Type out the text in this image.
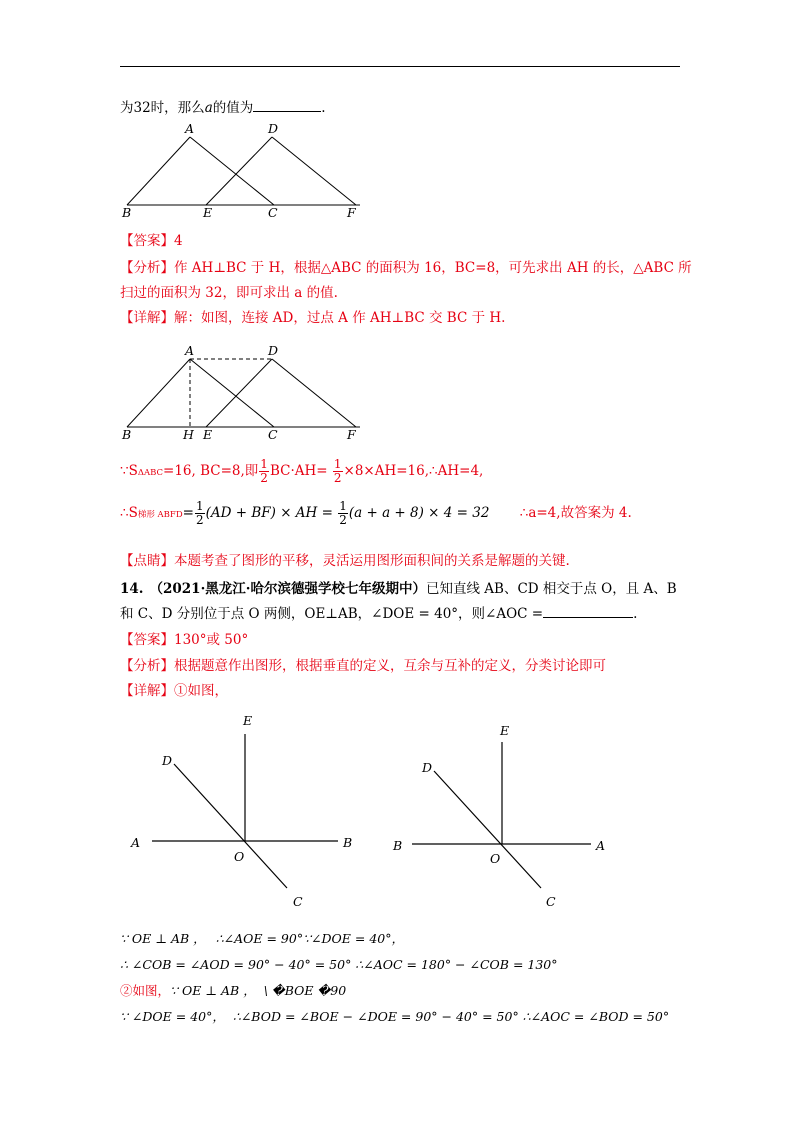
为32时，那么a的值为	.
A	D
B	E	C	F
【答案】4
【分析】作 AH⊥BC 于 H，根据△ABC 的面积为 16，BC=8，可先求出 AH 的长，△ABC 所
扫过的面积为 32，即可求出 a 的值.
【详解】解：如图，连接 AD，过点 A 作 AH⊥BC 交 BC 于 H.
A	D
B	H E	C	F
∵SΔABC=16, BC=8,即 $\frac{1}{2} BC\cdot AH= \frac{1}{2}$ ×8×AH=16,∴AH=4,
∴S梯形 ABFD= $\frac{1}{2} (AD + BF)$ × AH = $\frac{1}{2} (a + a + 8) \times 4 = 32$ ∴a=4,故答案为 4.
【点睛】本题考查了图形的平移，灵活运用图形面积间的关系是解题的关键.
14. （2021·黑龙江·哈尔滨德强学校七年级期中）已知直线 AB、CD 相交于点 O，且 A、B
和 C、D 分别位于点 O 两侧，OE⊥AB，∠DOE = 40°，则∠AOC =	.
【答案】130°或 50°
【分析】根据题意作出图形，根据垂直的定义，互余与互补的定义，分类讨论即可
【详解】①如图，
E
D
A	B
O
C
E
D
B	A
O
C
∵ OE ⊥ AB ， ∴∠AOE = 90°∵∠DOE = 40°，
∴ ∠COB = ∠AOD = 90° − 40° = 50° ∴∠AOC = 180° − ∠COB = 130°
②如图，∵ OE ⊥ AB ， \ �BOE �90
∵ ∠DOE = 40°， ∴∠BOD = ∠BOE − ∠DOE = 90° − 40° = 50° ∴∠AOC = ∠BOD = 50°
